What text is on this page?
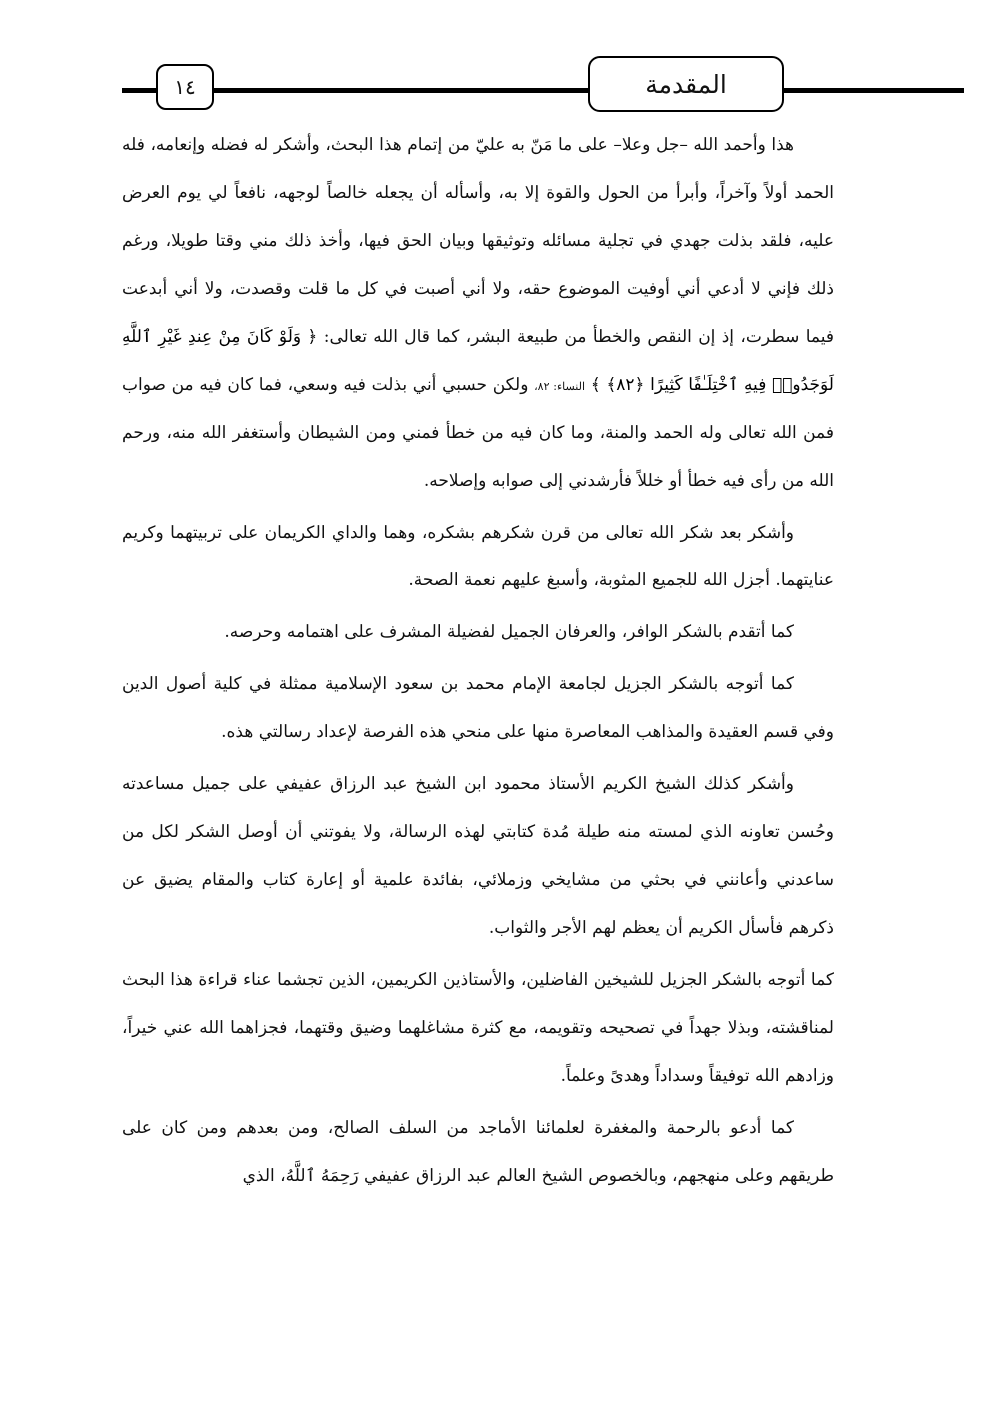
١٤	المقدمة

هذا وأحمد الله –جل وعلا– على ما مَنّ به عليّ من إتمام هذا البحث، وأشكر له فضله وإنعامه، فله الحمد أولاً وآخراً، وأبرأ من الحول والقوة إلا به، وأسأله أن يجعله خالصاً لوجهه، نافعاً لي يوم العرض عليه، فلقد بذلت جهدي في تجلية مسائله وتوثيقها وبيان الحق فيها، وأخذ ذلك مني وقتا طويلا، ورغم ذلك فإني لا أدعي أني أوفيت الموضوع حقه، ولا أني أصبت في كل ما قلت وقصدت، ولا أني أبدعت فيما سطرت، إذ إن النقص والخطأ من طبيعة البشر، كما قال الله تعالى: ﴿ وَلَوْ كَانَ مِنْ عِندِ غَيْرِ ٱللَّهِ لَوَجَدُوا۟ فِيهِ ٱخْتِلَـٰفًا كَثِيرًا ﴿٨٢﴾ ﴾ النساء: ٨٢، ولكن حسبي أني بذلت فيه وسعي، فما كان فيه من صواب فمن الله تعالى وله الحمد والمنة، وما كان فيه من خطأ فمني ومن الشيطان وأستغفر الله منه، ورحم الله من رأى فيه خطأ أو خللاً فأرشدني إلى صوابه وإصلاحه.

وأشكر بعد شكر الله تعالى من قرن شكرهم بشكره، وهما والداي الكريمان على تربيتهما وكريم عنايتهما. أجزل الله للجميع المثوبة، وأسبغ عليهم نعمة الصحة.

كما أتقدم بالشكر الوافر، والعرفان الجميل لفضيلة المشرف على اهتمامه وحرصه.

كما أتوجه بالشكر الجزيل لجامعة الإمام محمد بن سعود الإسلامية ممثلة في كلية أصول الدين وفي قسم العقيدة والمذاهب المعاصرة منها على منحي هذه الفرصة لإعداد رسالتي هذه.

وأشكر كذلك الشيخ الكريم الأستاذ محمود ابن الشيخ عبد الرزاق عفيفي على جميل مساعدته وحُسن تعاونه الذي لمسته منه طيلة مُدة كتابتي لهذه الرسالة، ولا يفوتني أن أوصل الشكر لكل من ساعدني وأعانني في بحثي من مشايخي وزملائي، بفائدة علمية أو إعارة كتاب والمقام يضيق عن ذكرهم فأسأل الكريم أن يعظم لهم الأجر والثواب.

كما أتوجه بالشكر الجزيل للشيخين الفاضلين، والأستاذين الكريمين، الذين تجشما عناء قراءة هذا البحث لمناقشته، وبذلا جهداً في تصحيحه وتقويمه، مع كثرة مشاغلهما وضيق وقتهما، فجزاهما الله عني خيراً، وزادهم الله توفيقاً وسداداً وهدىً وعلماً.

كما أدعو بالرحمة والمغفرة لعلمائنا الأماجد من السلف الصالح، ومن بعدهم ومن كان على طريقهم وعلى منهجهم، وبالخصوص الشيخ العالم عبد الرزاق عفيفي رَحِمَهُ ٱللَّهُ، الذي
